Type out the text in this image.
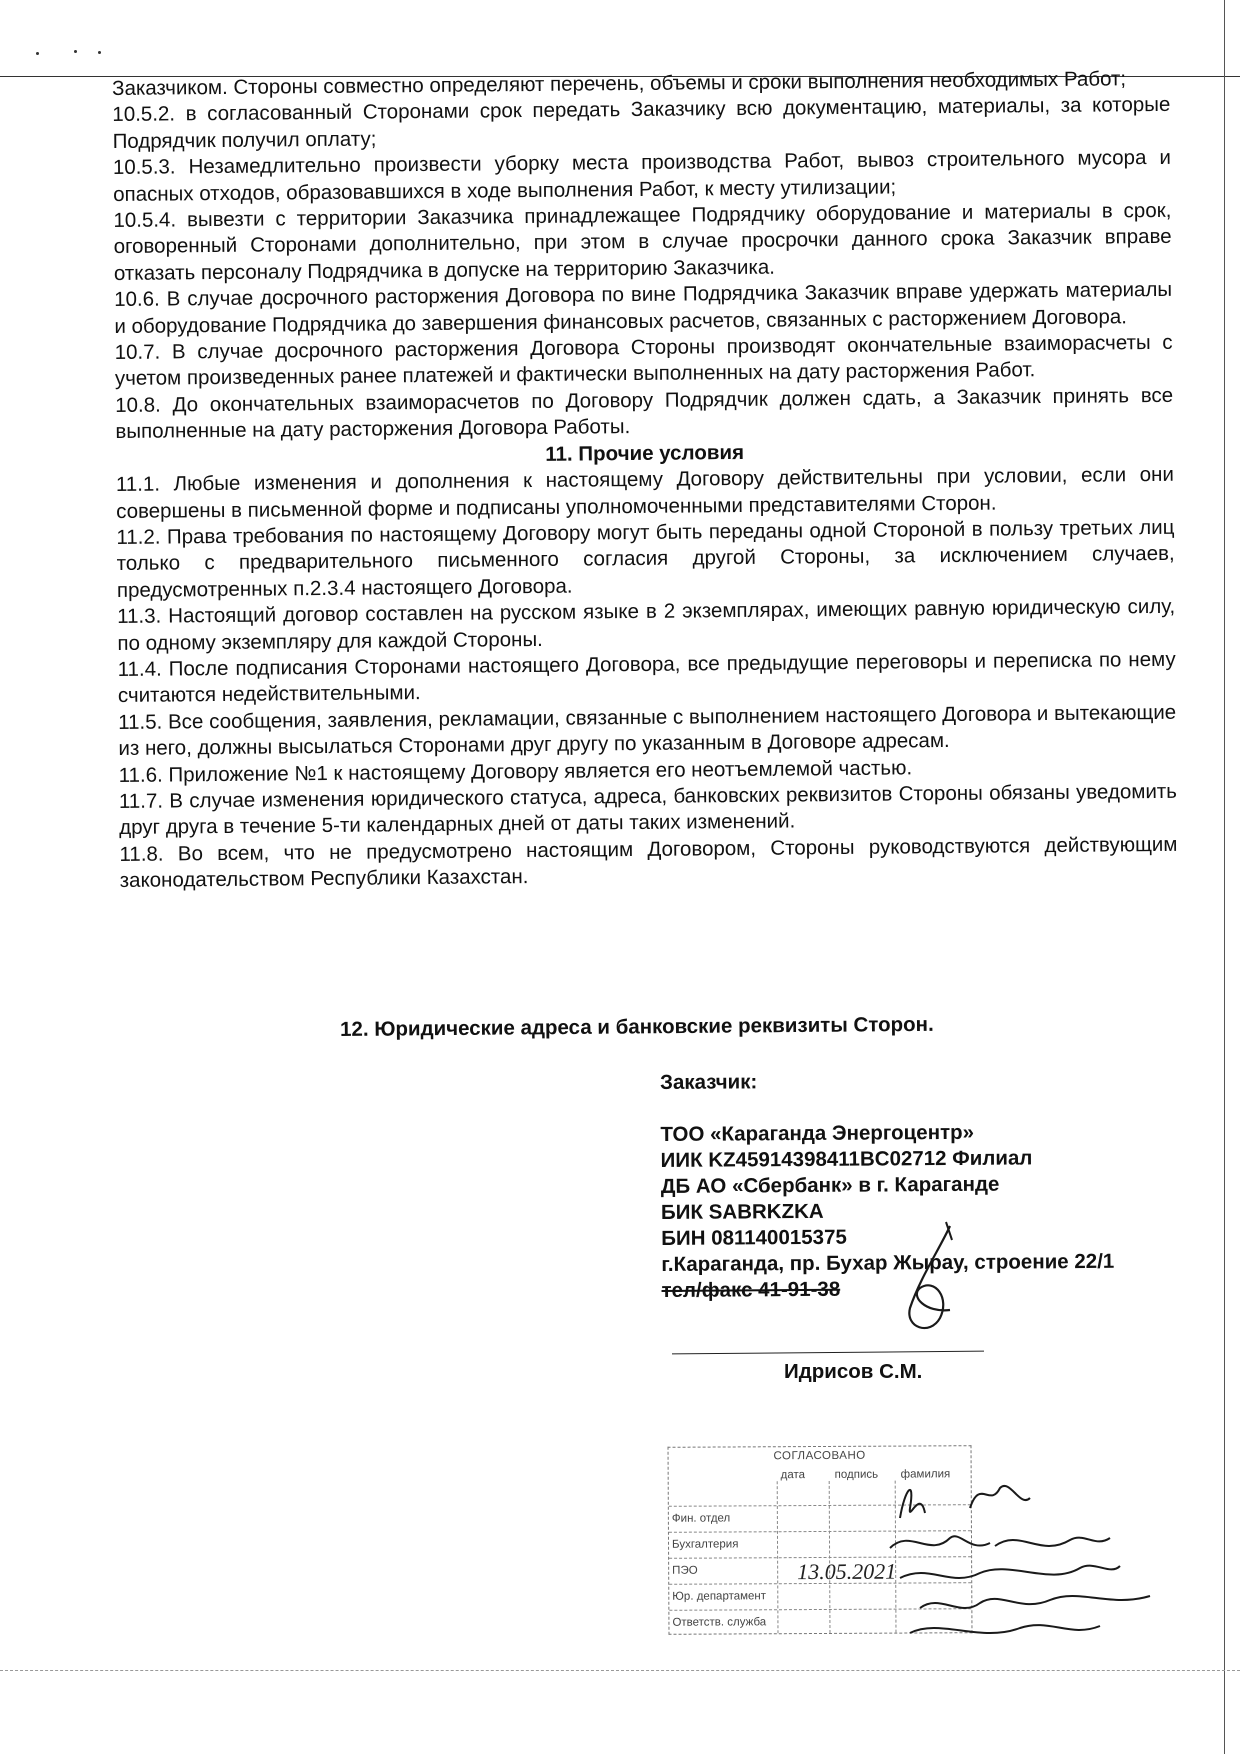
Заказчиком. Стороны совместно определяют перечень, объемы и сроки выполнения необходимых Работ;

10.5.2. в согласованный Сторонами срок передать Заказчику всю документацию, материалы, за которые Подрядчик получил оплату;

10.5.3. Незамедлительно произвести уборку места производства Работ, вывоз строительного мусора и опасных отходов, образовавшихся в ходе выполнения Работ, к месту утилизации;

10.5.4. вывезти с территории Заказчика принадлежащее Подрядчику оборудование и материалы в срок, оговоренный Сторонами дополнительно, при этом в случае просрочки данного срока Заказчик вправе отказать персоналу Подрядчика в допуске на территорию Заказчика.

10.6. В случае досрочного расторжения Договора по вине Подрядчика Заказчик вправе удержать материалы и оборудование Подрядчика до завершения финансовых расчетов, связанных с расторжением Договора.

10.7. В случае досрочного расторжения Договора Стороны производят окончательные взаиморасчеты с учетом произведенных ранее платежей и фактически выполненных на дату расторжения Работ.

10.8. До окончательных взаиморасчетов по Договору Подрядчик должен сдать, а Заказчик принять все выполненные на дату расторжения Договора Работы.

11. Прочие условия

11.1. Любые изменения и дополнения к настоящему Договору действительны при условии, если они совершены в письменной форме и подписаны уполномоченными представителями Сторон.

11.2. Права требования по настоящему Договору могут быть переданы одной Стороной в пользу третьих лиц только с предварительного письменного согласия другой Стороны, за исключением случаев, предусмотренных п.2.3.4 настоящего Договора.

11.3. Настоящий договор составлен на русском языке в 2 экземплярах, имеющих равную юридическую силу, по одному экземпляру для каждой Стороны.

11.4. После подписания Сторонами настоящего Договора, все предыдущие переговоры и переписка по нему считаются недействительными.

11.5. Все сообщения, заявления, рекламации, связанные с выполнением настоящего Договора и вытекающие из него, должны высылаться Сторонами друг другу по указанным в Договоре адресам.

11.6. Приложение №1 к настоящему Договору является его неотъемлемой частью.

11.7. В случае изменения юридического статуса, адреса, банковских реквизитов Стороны обязаны уведомить друг друга в течение 5-ти календарных дней от даты таких изменений.

11.8. Во всем, что не предусмотрено настоящим Договором, Стороны руководствуются действующим законодательством Республики Казахстан.

12. Юридические адреса и банковские реквизиты Сторон.
Заказчик:
ТОО «Караганда Энергоцентр»
ИИК KZ45914398411BC02712 Филиал
ДБ АО «Сбербанк» в г. Караганде
БИК SABRKZKA
БИН 081140015375
г.Караганда, пр. Бухар Жырау, строение 22/1
тел/факс 41-91-38
Идрисов С.М.
СОГЛАСОВАНО
дата	подпись фамилия
Фин. отдел
Бухгалтерия
ПЭО
Юр. департамент
Ответств. служба
13.05.2021
